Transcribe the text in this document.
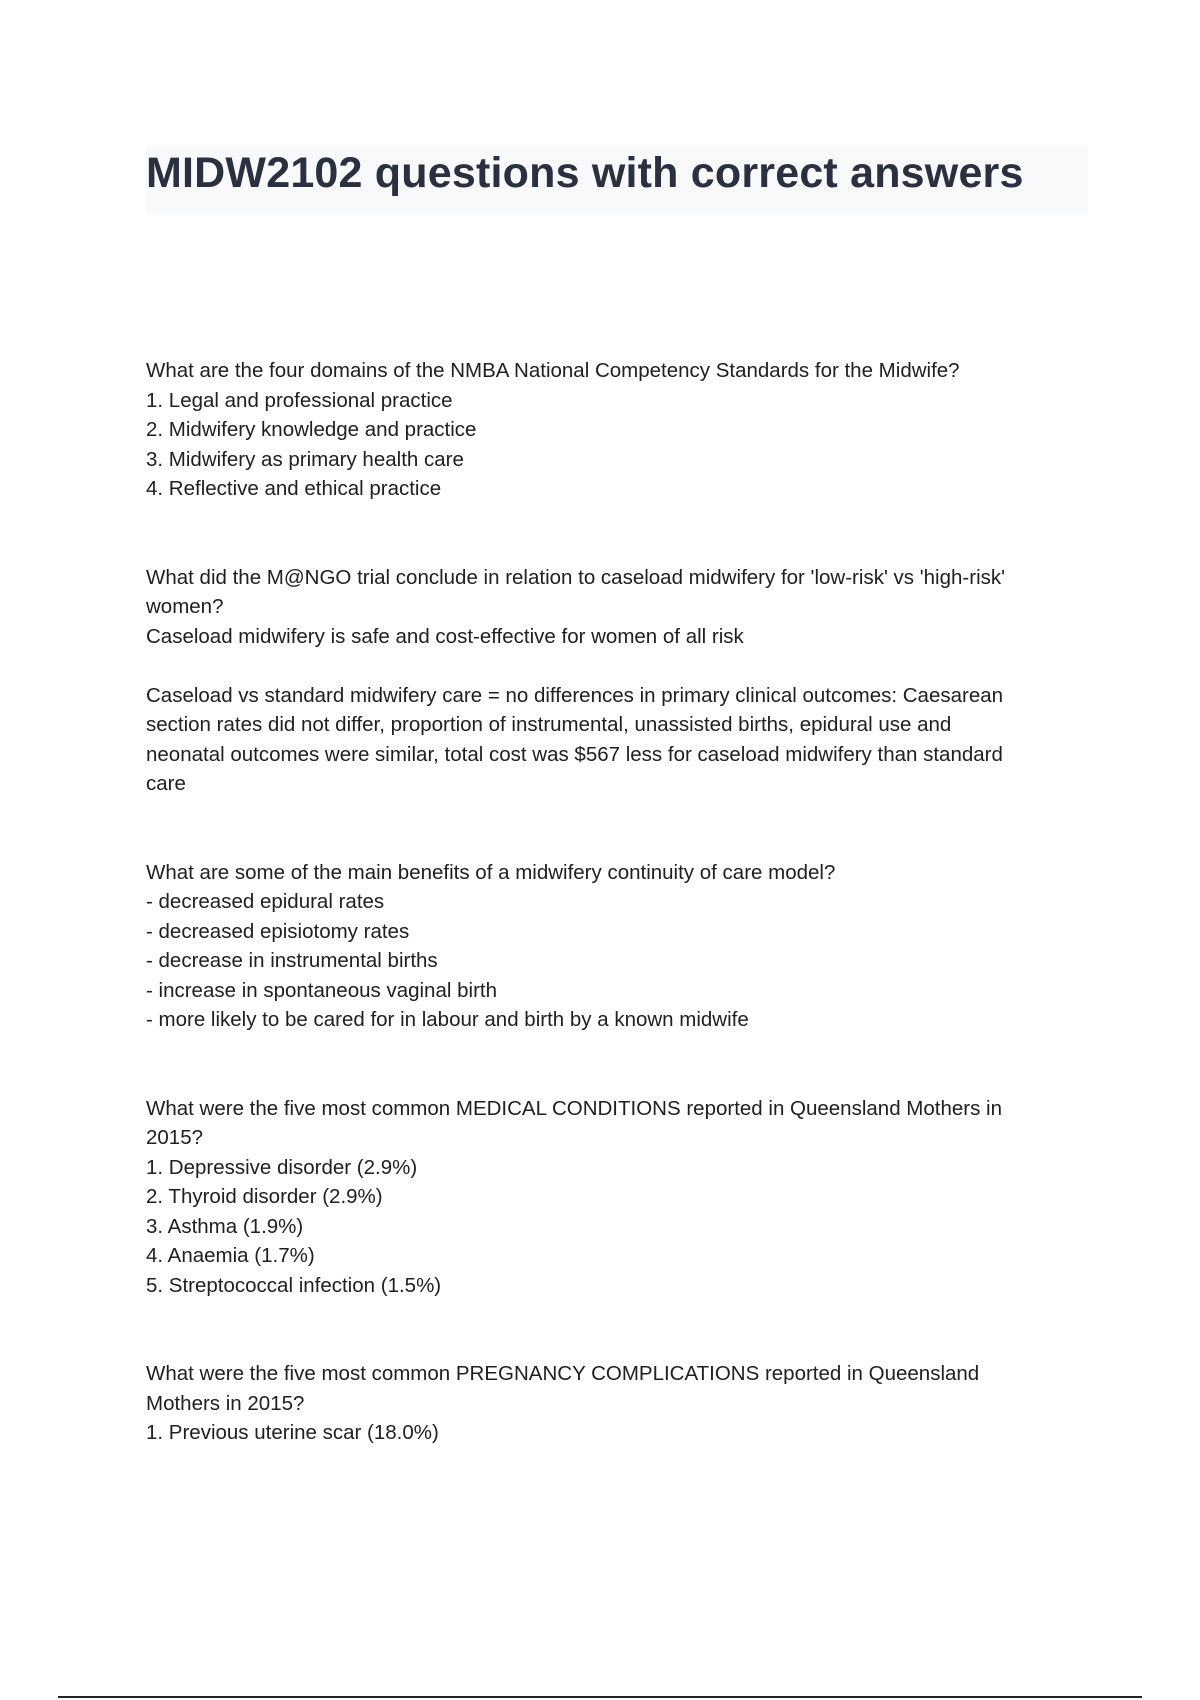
MIDW2102 questions with correct answers
What are the four domains of the NMBA National Competency Standards for the Midwife?
1. Legal and professional practice
2. Midwifery knowledge and practice
3. Midwifery as primary health care
4. Reflective and ethical practice
What did the M@NGO trial conclude in relation to caseload midwifery for 'low-risk' vs 'high-risk'
women?
Caseload midwifery is safe and cost-effective for women of all risk
Caseload vs standard midwifery care = no differences in primary clinical outcomes: Caesarean
section rates did not differ, proportion of instrumental, unassisted births, epidural use and
neonatal outcomes were similar, total cost was $567 less for caseload midwifery than standard
care
What are some of the main benefits of a midwifery continuity of care model?
- decreased epidural rates
- decreased episiotomy rates
- decrease in instrumental births
- increase in spontaneous vaginal birth
- more likely to be cared for in labour and birth by a known midwife
What were the five most common MEDICAL CONDITIONS reported in Queensland Mothers in
2015?
1. Depressive disorder (2.9%)
2. Thyroid disorder (2.9%)
3. Asthma (1.9%)
4. Anaemia (1.7%)
5. Streptococcal infection (1.5%)
What were the five most common PREGNANCY COMPLICATIONS reported in Queensland
Mothers in 2015?
1. Previous uterine scar (18.0%)
